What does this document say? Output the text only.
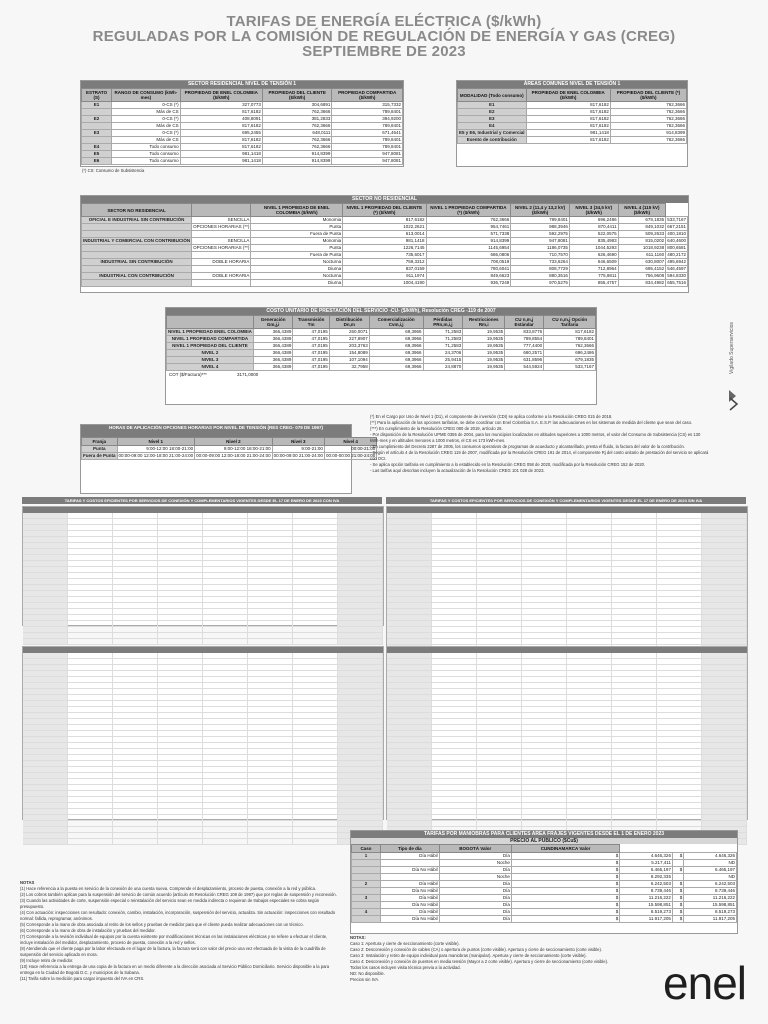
TARIFAS DE ENERGÍA ELÉCTRICA ($/kWh)
REGULADAS POR LA COMISIÓN DE REGULACIÓN DE ENERGÍA Y GAS (CREG)
SEPTIEMBRE DE 2023
SECTOR RESIDENCIAL NIVEL DE TENSIÓN 1
ESTRATO (S)	RANGO DE CONSUMO (kWh-mes)	PROPIEDAD DE ENEL COLOMBIA ($/kWh)	PROPIEDAD DEL CLIENTE ($/kWh)	PROPIEDAD COMPARTIDA ($/kWh)
E1	0-CS (*)	327,0773	304,6891	315,7332
	Más de CS	817,6182	762,3666	789,8401
E2	0-CS (*)	408,8091	381,2833	394,9200
	Más de CS	817,6182	762,3666	789,8401
E3	0-CS (*)	695,2455	648,0111	671,4641
	Más de CS	817,6182	762,3666	789,8401
E4	Todo consumo	817,6182	762,3666	789,8401
E5	Todo consumo	981,1418	914,8399	947,8081
E6	Todo consumo	981,1418	914,8399	947,8081
(*) CS: Consumo de Subsistencia
ÁREAS COMUNES NIVEL DE TENSIÓN 1
MODALIDAD (Todo consumo)	PROPIEDAD DE ENEL COLOMBIA ($/kWh)	PROPIEDAD DEL CLIENTE (*) ($/kWh)
E1	817,6182	762,3666
E2	817,6182	762,3666
E3	817,6182	762,3666
E4	817,6182	762,3666
E5 y E6, Industrial y Comercial	981,1418	914,8399
Exento de contribución	817,6182	762,3666
SECTOR NO RESIDENCIAL
SECTOR NO RESIDENCIAL		NIVEL 1 PROPIEDAD DE ENEL COLOMBIA ($/kWh)	NIVEL 1 PROPIEDAD DEL CLIENTE (*) ($/kWh)	NIVEL 1 PROPIEDAD COMPARTIDA (*) ($/kWh)	NIVEL 2 (11,4 y 13,2 kV) ($/kWh)	NIVEL 3 (34,5 kV) ($/kWh)	NIVEL 4 (115 kV) ($/kWh)	
OFICIAL E INDUSTRIAL SIN CONTRIBUCIÓN	SENCILLA	Monomia	817,6182	762,3666	789,8401	696,2486	679,1835	533,7167
	OPCIONES HORARIAS (**)	Punta	1022,2621	954,7461	988,3946	870,4411	849,1032	667,2151
		Fuera de Punta	613,0014	571,7338	592,2975	522,0575	509,2633	400,1810
INDUSTRIAL Y COMERCIAL CON CONTRIBUCIÓN	SENCILLA	Monomia	981,1418	914,8399	947,8081	835,4983	815,0202	640,4600
	OPCIONES HORARIAS (**)	Punta	1226,7145	1145,6954	1186,0735	1044,5293	1018,9238	800,6581
		Fuera de Punta	735,6017	686,0806	710,7570	626,4690	611,1160	480,2172
INDUSTRIAL SIN CONTRIBUCIÓN	DOBLE HORARIA	Nocturna	759,3312	708,0519	733,6264	646,6509	630,8007	495,6942
		Diurna	837,0159	780,6041	808,7729	712,8964	695,4152	546,4597
INDUSTRIAL CON CONTRIBUCIÓN	DOBLE HORARIA	Nocturna	911,1974	849,6623	880,3516	775,9811	756,9608	594,8330
		Diurna	1004,4190	936,7249	970,5275	855,4757	834,4982	655,7516
COSTO UNITARIO DE PRESTACIÓN DEL SERVICIO -CU- ($/kWh), Resolución CREG -119 de 2007
	Generación Gm,j,i	Transmisión Tm	Distribución Dn,m	Comercialización Cvm,i,j	Pérdidas PRn,m,i,j	Restricciones Rm,i	CU n,m,j Estándar	CU n,m,j Opción Tarifaria
NIVEL 1 PROPIEDAD ENEL COLOMBIA	366,4389	47,0195	260,0071	69,3966	71,2583	19,9535	833,8776	817,6182
NIVEL 1 PROPIEDAD COMPARTIDA	366,4389	47,0195	227,8907	69,3966	71,2583	19,9535	789,8554	789,8401
NIVEL 1 PROPIEDAD DEL CLIENTE	366,4389	47,0195	203,3763	69,3966	71,2583	19,9535	777,4400	762,3666
NIVEL 2	366,4389	47,0195	154,8089	69,3966	24,3706	19,9535	680,2571	696,2486
NIVEL 3	366,4389	47,0195	107,1094	69,3966	25,9415	19,9535	631,8596	679,1835
NIVEL 4	366,4389	47,0195	32,7958	69,3966	24,8870	19,9535	544,5924	533,7167
COT ($/Factura)***	3171,0000
Vigilado Superservicios
HORAS DE APLICACIÓN OPCIONES HORARIAS POR NIVEL DE TENSIÓN (RES CREG- 079 DE 1997)
Franja	Nivel 1	Nivel 2	Nivel 3	Nivel 4
Punta	9:00-12:00 18:00-21:00	9:00-12:00 18:00-21:00	9:00-21:00	00:00-21:00
Fuera de Punta	00:00-09:00 12:00-18:00 21:00-24:00	00:00-09:00 12:00-18:00 21:00-24:00	00:00-09:00 21:00-24:00	00:00-00:00 21:00-24:00

(*) En el Cargo por Uso de Nivel 1 (D1), el componente de inversión (CDI) se aplica conforme a la Resolución CREG 015 de 2018.

(**) Para la aplicación de las opciones tarifarias, se debe coordinar con Enel Colombia S.A. E.S.P. las adecuaciones en los sistemas de medida del cliente que sean del caso.

(***) En cumplimiento de la Resolución CREG 080 de 2019, artículo 26.

- Por disposición de la Resolución UPME 0355 de 2004, para los municipios localizados en altitudes superiores a 1000 metros, el valor del Consumo de Subsistencia (CS) es 130 kWh-mes y en altitudes menores a 1000 metros, el CS es 173 kWh-mes.

- En cumplimiento del Decreto 2287 de 2005, los consumos operativos de programas de acueducto y alcantarillado, presta el fluido, la factura del valor de la contribución.

- Según el artículo 4 de la Resolución CREG 119 de 2007, modificada por la Resolución CREG 191 de 2014, el componente Rj del costo unitario de prestación del servicio se aplicará con OCI.

- Se aplica opción tarifaria en cumplimiento a lo establecido en la Resolución CREG 058 de 2020, modificada por la Resolución CREG 152 de 2020.

- Las tarifas aquí descritas incluyen la actualización de la Resolución CREG 101 028 de 2023.

TARIFAS Y COSTOS EFICIENTES POR SERVICIOS DE CONEXIÓN Y COMPLEMENTARIOS VIGENTES DESDE EL 17 DE ENERO DE 2023 CON IVA	TARIFAS Y COSTOS EFICIENTES POR SERVICIOS DE CONEXIÓN Y COMPLEMENTARIOS VIGENTES DESDE EL 17 DE ENERO DE 2023 SIN IVA
TARIFAS POR MANIOBRAS PARA CLIENTES AREA FRAJES VIGENTES DESDE EL 1 DE ENERO 2023
PRECIO AL PÚBLICO ($Cu$)
Caso	Tipo de día	BOGOTÁ Valor	CUNDINAMARCA Valor			
1	Día Hábil	Día	$	4.646,326	$	4.646,326
		Noche	$	5.217,411		ND
	Día No Hábil	Día	$	6.465,197	$	6.465,197
		Noche	$	8.292,335		ND
2	Día Hábil	Día	$	6.242,503	$	6.242,503
	Día No Hábil	Día	$	8.739,446	$	8.739,446
3	Día Hábil	Día	$	11.216,222	$	11.216,222
	Día No Hábil	Día	$	15.598,851	$	15.598,851
4	Día Hábil	Día	$	8.519,273	$	8.519,273
	Día No Hábil	Día	$	11.917,205	$	11.917,205

NOTAS:

Caso 1: Apertura y cierre de seccionamiento (corte visible).

Caso 2: Desconexión y conexión de cables (CA) o apertura de puntos (corte visible). Apertura y cierre de seccionamiento (corte visible).

Caso 3: Instalación y retiro de equipo individual para maniobras (manipular). Apertura y cierre de seccionamiento (corte visible).

Caso 4: Desconexión y conexión de puentes en media tensión (Mayor a 2 corte visible). Apertura y cierre de seccionamiento (corte visible).

Todos los casos incluyen visita técnica previa a la actividad.

ND: No disponible.

Precios sin IVA.

NOTAS

(1) Hace referencia a la puesta en servicio de la conexión de una cuenta nueva. Comprende el desplazamiento, proceso de puesta, conexión a la red y pública.

(2) Los cobros también aplican para la suspensión del servicio de común acuerdo (artículo 46 Resolución CREG 108 de 1997) que por reglas de suspensión y reconexión.

(3) Cuando las actividades de corte, suspensión especial o reinstalación del servicio sean en medida indirecta o requieran de trabajos especiales se cobra según presupuesto.

(4) Con actuación: inspecciones con resultado: conexión, cambio, instalación, incorporación, suspensión del servicio, actualiza. Sin actuación: inspecciones con resultado normal: fallida, reprogramar, anónimos.

(5) Corresponde a la mano de obra asociada al retiro de los sellos y pruebas de medidor para que el cliente pueda realizar adecuaciones con un técnico.

(6) Corresponde a la mano de obra de instalación y pruebas del medidor.

(7) Corresponde a la revisión individual de equipos por la cuenta existente por modificaciones técnicas en las instalaciones eléctricas y se refiere a efectuar el cliente, incluye instalación del medidor, desplazamiento, proceso de puesta, conexión a la red y sellos.

(8) Atendiendo que el cliente paga por la labor efectuada en el lugar de la factura, la factura será con valor del precio una vez efectuada de la visita de la cuadrilla de suspensión del servicio aplicado en mora.

(9) Incluye retiro de medidor.

(10) Hace referencia a la entrega de una copia de la factura en un medio diferente a la dirección asociada al Servicio Público Domiciliario. Servicio disponible a la para entrega en la Ciudad de Bogotá D.C. y municipios de la Sabana.

(11) Tarifa sobre la medición para cargar impuesto del IVA en CRS.	enel
